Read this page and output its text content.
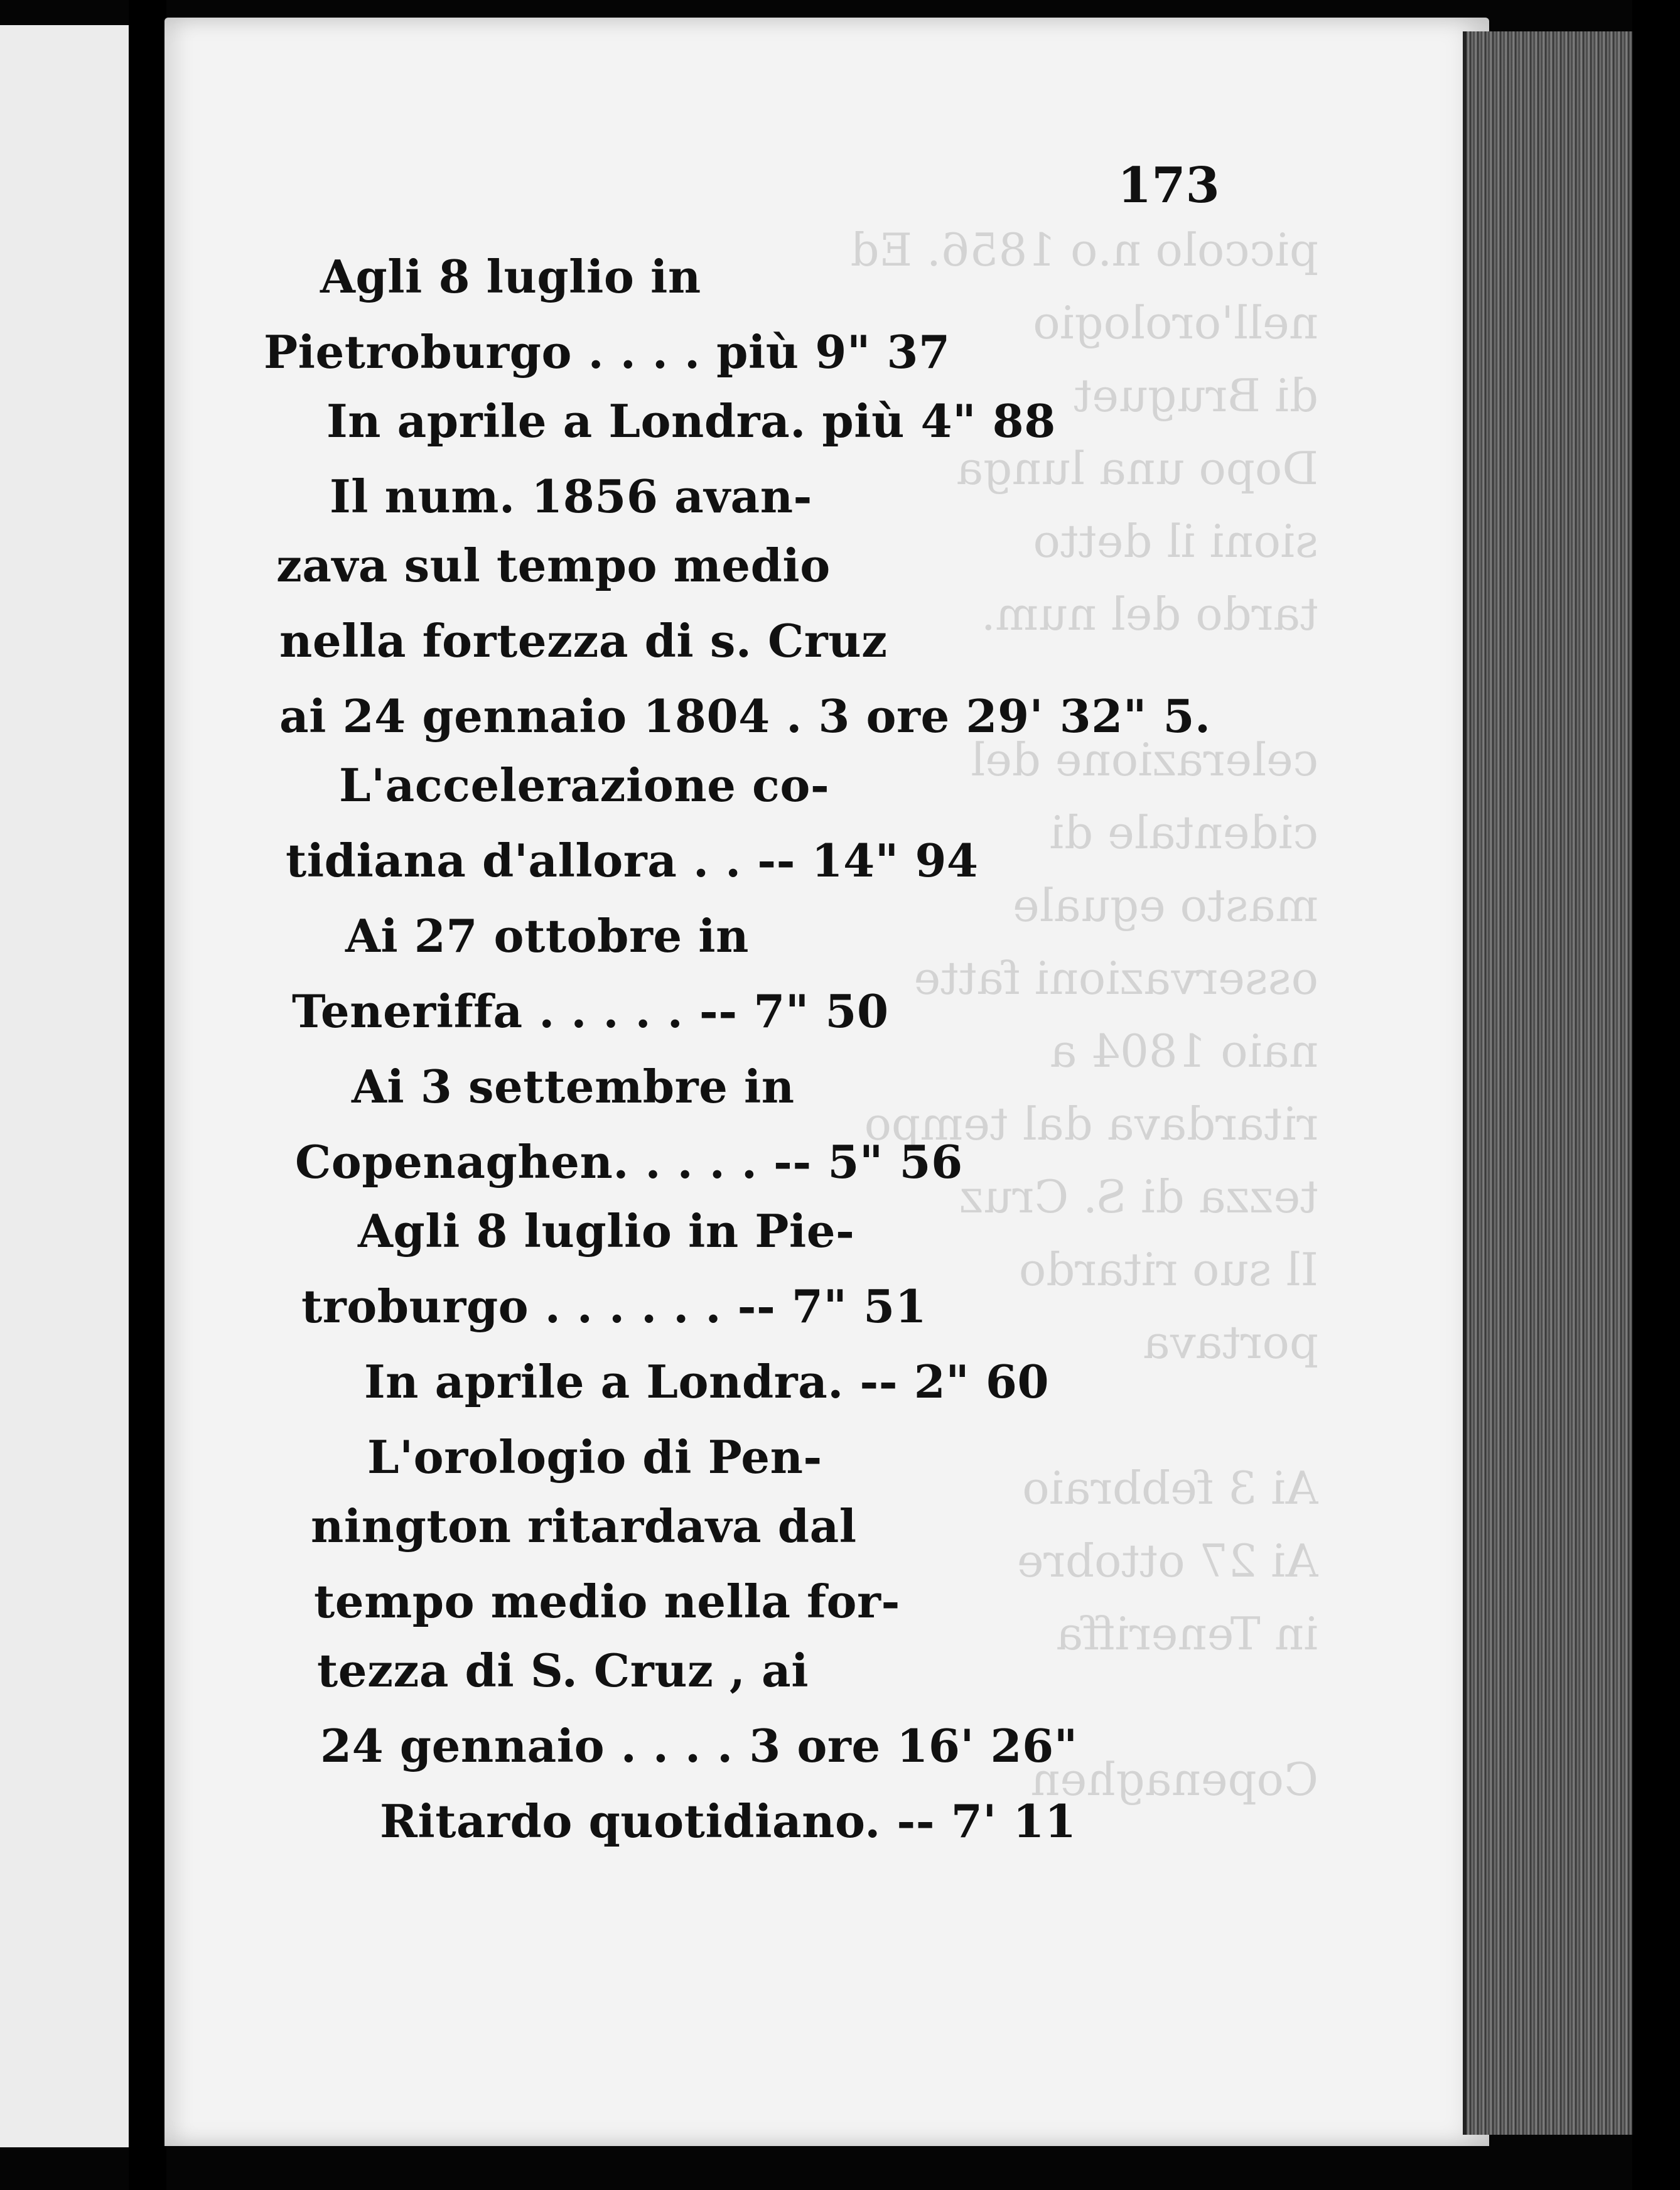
piccolo n.o 1856. Ed
nell'orologio
di Bruguet
Dopo una lunga
sioni il detto
tardo del num.
celerazione del
cidentale di
masto eguale
osservazioni fatte
naio 1804 a
ritardava dal tempo
tezza di S. Cruz
Il suo ritardo
portava
Ai 3 febbraio
Ai 27 ottobre
in Teneriffa
Copenaghen
173
Agli 8 luglio in
Pietroburgo . . . . più 9" 37
In aprile a Londra. più 4" 88
Il num. 1856 avan-
zava sul tempo medio
nella fortezza di s. Cruz
ai 24 gennaio 1804 . 3 ore 29' 32" 5.
L'accelerazione co-
tidiana d'allora . . -- 14" 94
Ai 27 ottobre in
Teneriffa . . . . . -- 7" 50
Ai 3 settembre in
Copenaghen. . . . . -- 5" 56
Agli 8 luglio in Pie-
troburgo . . . . . . -- 7" 51
In aprile a Londra. -- 2" 60
L'orologio di Pen-
nington ritardava dal
tempo medio nella for-
tezza di S. Cruz , ai
24 gennaio . . . . 3 ore 16' 26"
Ritardo quotidiano. -- 7' 11
